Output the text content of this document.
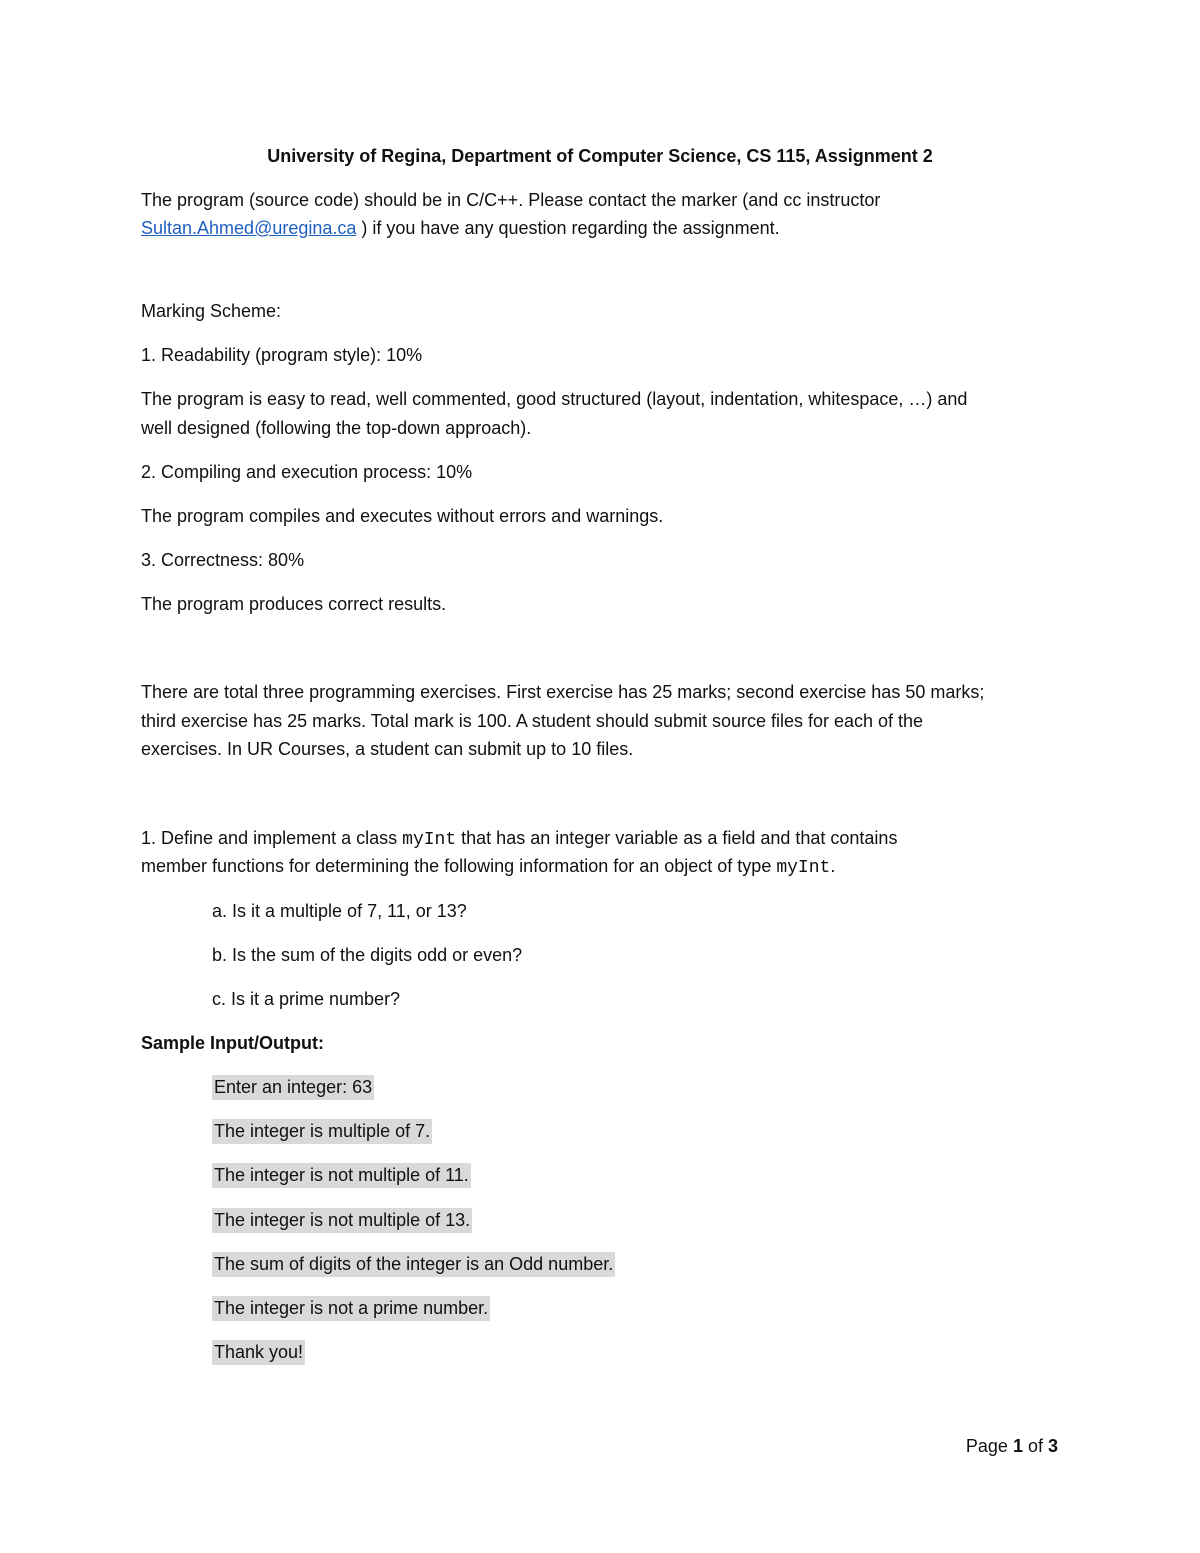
University of Regina, Department of Computer Science, CS 115, Assignment 2
The program (source code) should be in C/C++. Please contact the marker (and cc instructor
Sultan.Ahmed@uregina.ca ) if you have any question regarding the assignment.
Marking Scheme:
1. Readability (program style): 10%
The program is easy to read, well commented, good structured (layout, indentation, whitespace, …) and
well designed (following the top-down approach).
2. Compiling and execution process: 10%
The program compiles and executes without errors and warnings.
3. Correctness: 80%
The program produces correct results.
There are total three programming exercises. First exercise has 25 marks; second exercise has 50 marks;
third exercise has 25 marks. Total mark is 100. A student should submit source files for each of the
exercises. In UR Courses, a student can submit up to 10 files.
1. Define and implement a class myInt that has an integer variable as a field and that contains
member functions for determining the following information for an object of type myInt.
a. Is it a multiple of 7, 11, or 13?
b. Is the sum of the digits odd or even?
c. Is it a prime number?
Sample Input/Output:
Enter an integer: 63
The integer is multiple of 7.
The integer is not multiple of 11.
The integer is not multiple of 13.
The sum of digits of the integer is an Odd number.
The integer is not a prime number.
Thank you!
Page 1 of 3
